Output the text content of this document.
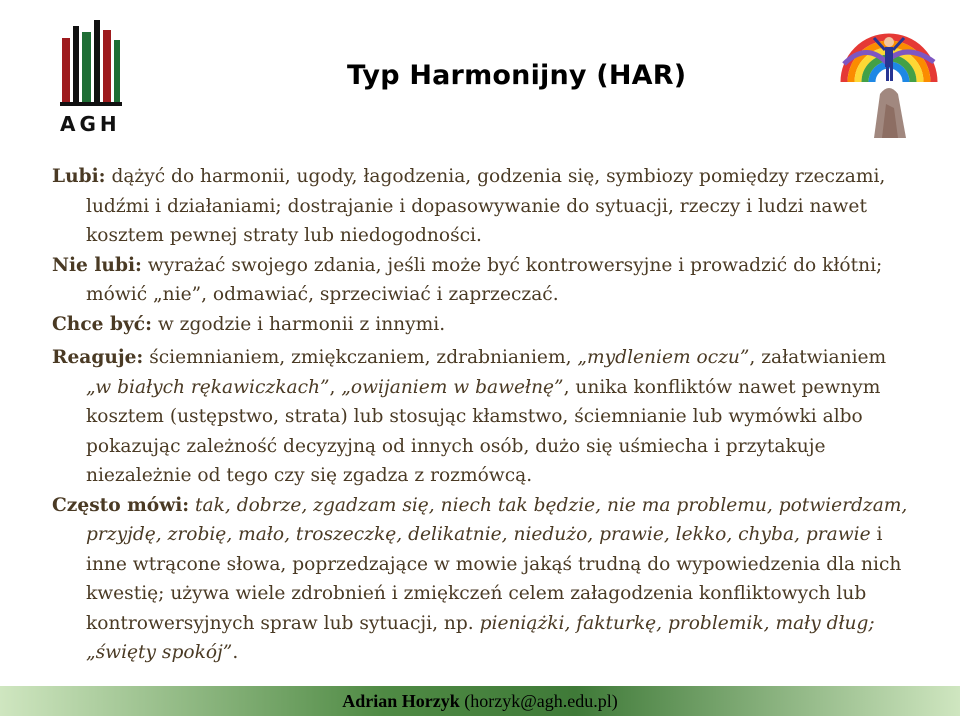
AGH
Typ Harmonijny (HAR)

Lubi: dążyć do harmonii, ugody, łagodzenia, godzenia się, symbiozy pomiędzy rzeczami, ludźmi i działaniami; dostrajanie i dopasowywanie do sytuacji, rzeczy i ludzi nawet kosztem pewnej straty lub niedogodności.

Nie lubi: wyrażać swojego zdania, jeśli może być kontrowersyjne i prowadzić do kłótni; mówić „nie”, odmawiać, sprzeciwiać i zaprzeczać.

Chce być: w zgodzie i harmonii z innymi.

Reaguje: ściemnianiem, zmiękczaniem, zdrabnianiem, „mydleniem oczu”, załatwianiem „w białych rękawiczkach”, „owijaniem w bawełnę”, unika konfliktów nawet pewnym kosztem (ustępstwo, strata) lub stosując kłamstwo, ściemnianie lub wymówki albo pokazując zależność decyzyjną od innych osób, dużo się uśmiecha i przytakuje niezależnie od tego czy się zgadza z rozmówcą.

Często mówi: tak, dobrze, zgadzam się, niech tak będzie, nie ma problemu, potwierdzam, przyjdę, zrobię, mało, troszeczkę, delikatnie, niedużo, prawie, lekko, chyba, prawie i inne wtrącone słowa, poprzedzające w mowie jakąś trudną do wypowiedzenia dla nich kwestię; używa wiele zdrobnień i zmiękczeń celem załagodzenia konfliktowych lub kontrowersyjnych spraw lub sytuacji, np. pieniążki, fakturkę, problemik, mały dług; „święty spokój”.

Adrian Horzyk (horzyk@agh.edu.pl)
